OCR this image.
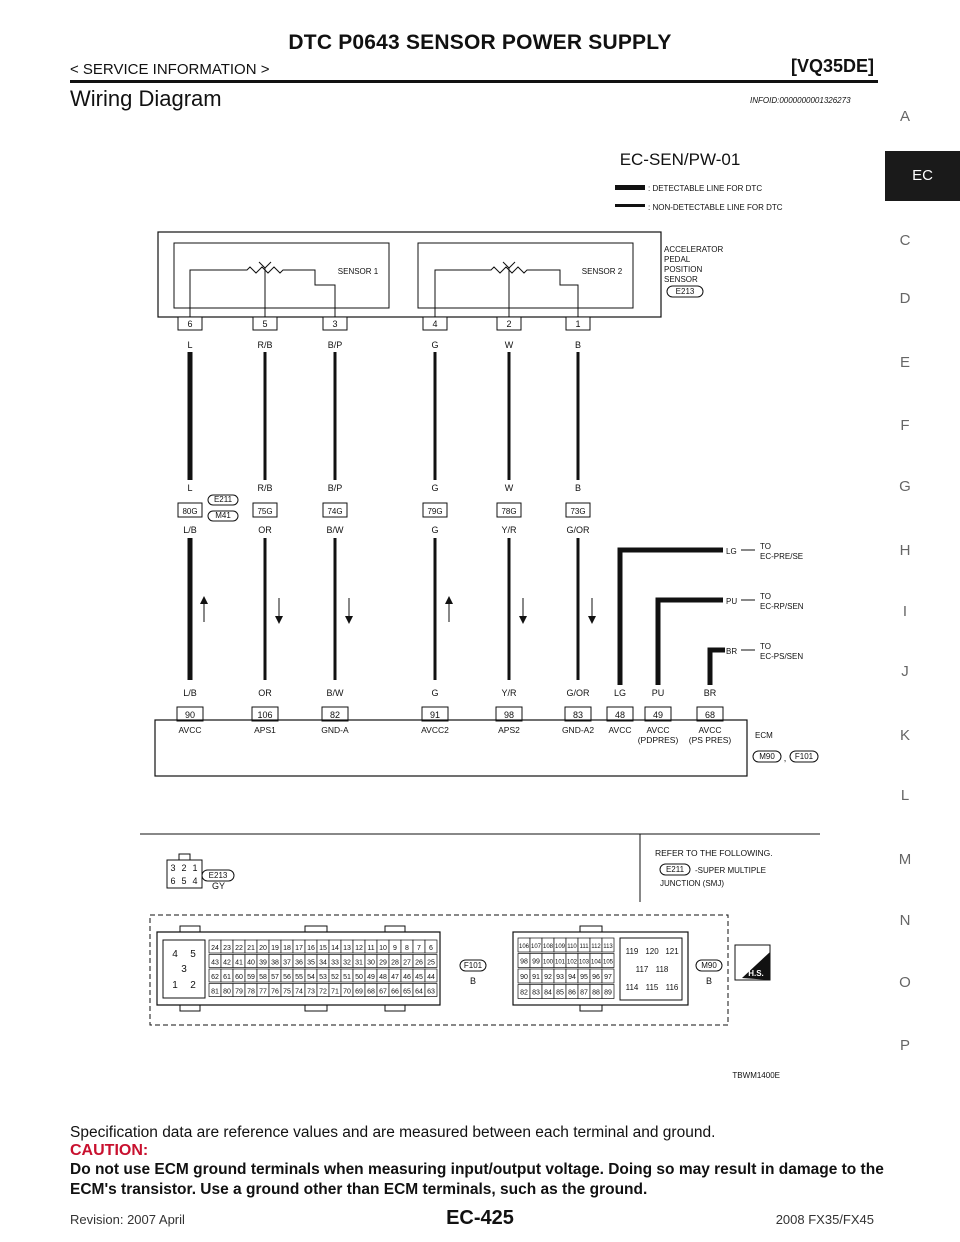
DTC P0643 SENSOR POWER SUPPLY
< SERVICE INFORMATION >	[VQ35DE]
Wiring Diagram	INFOID:0000000001326273
A
EC
C
D
E
F
G
H
I
J
K
L
M
N
O
P
EC-SEN/PW-01
: DETECTABLE LINE FOR DTC
: NON-DETECTABLE LINE FOR DTC
SENSOR 1	SENSOR 2
ACCELERATOR
PEDAL
POSITION
SENSOR
E213
6
L
5
R/B
3
B/P
4
G
2
W
1
B
L
80G
L/B
R/B
75G
OR
B/P
74G
B/W
G
79G
G
W
78G
Y/R
B
73G
G/OR
E211
M41
LG
TO
EC-PRE/SE
PU
TO
EC-RP/SEN
BR
TO
EC-PS/SEN
L/B
90
AVCC
OR
106
APS1
B/W
82
GND-A
G
91
AVCC2
Y/R
98
APS2
G/OR
83
GND-A2
LG
48
AVCC
PU
49
AVCC
(PDPRES)
BR
68
AVCC
(PS PRES)	ECM
M90 , F101
REFER TO THE FOLLOWING.
E211 -SUPER MULTIPLE
JUNCTION (SMJ)
3 2 1
6 5 4
E213
GY
4 5
3
1 2
24 23 22 21 20 19 18 17 16 15 14 13 12 11 10 9 8 7 6
43 42 41 40 39 38 37 36 35 34 33 32 31 30 29 28 27 26 25
62 61 60 59 58 57 56 55 54 53 52 51 50 49 48 47 46 45 44
81 80 79 78 77 76 75 74 73 72 71 70 69 68 67 66 65 64 63
F101
B
106 107 108 109 110 111 112 113
98 99 100 101 102 103 104 105
90 91 92 93 94 95 96 97
82 83 84 85 86 87 88 89
119 120 121
117 118
114 115 116
M90
B
H.S.
TBWM1400E
Specification data are reference values and are measured between each terminal and ground.
CAUTION:
Do not use ECM ground terminals when measuring input/output voltage. Doing so may result in damage to the ECM's transistor. Use a ground other than ECM terminals, such as the ground.
Revision: 2007 April	EC-425	2008 FX35/FX45
